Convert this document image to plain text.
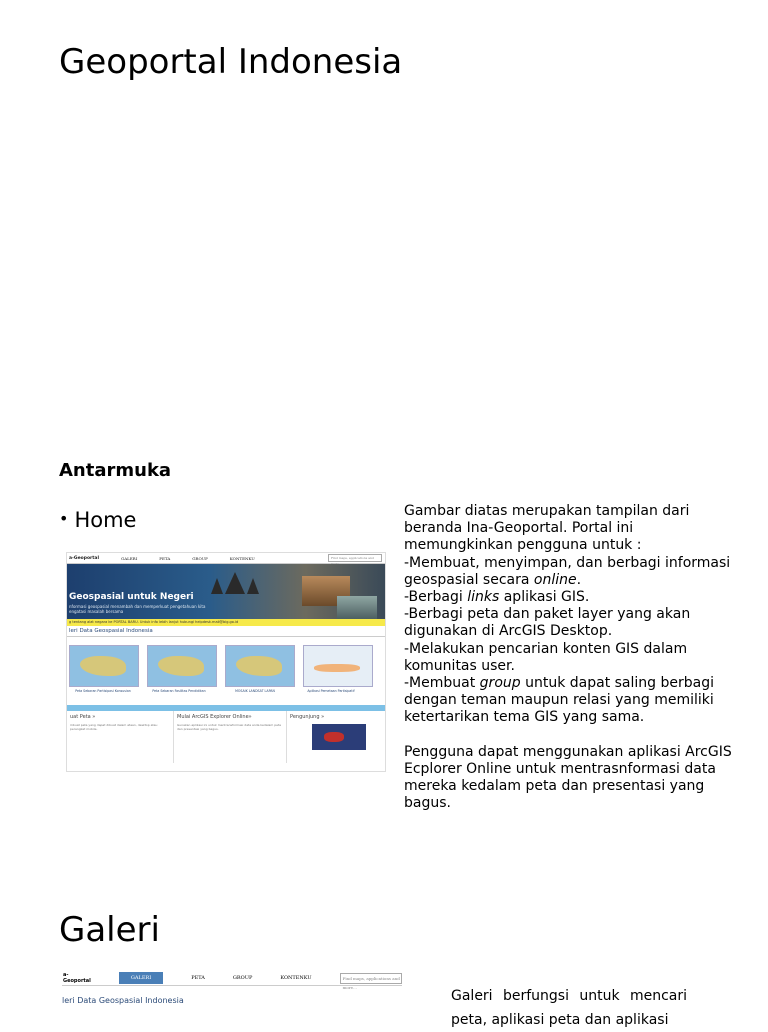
Geoportal Indonesia
Antarmuka
• Home
a-Geoportal	GALERI	PETA	GROUP	KONTENKU	Find maps, applications and
Geospasial untuk Negeri
nformasi geospasial menambah dan memperkuat pengetahuan kita
engatasi masalah bersama
g tentang alat negara ke PORTAL BARU. Untuk info lebih lanjut hubungi helpdesk.mail@big.go.id
leri Data Geospasial Indonesia
Peta Sebaran Partisipasi Konsusian	Peta Sebaran Fasilitas Pendidikan	MOSAIK LANDSAT LAPAN	Aplikasi Pemetaan Partisipatif
uat Peta »
mbuat peta yang dapat dibuat dalam ataan, desktop atau perangkat mobile.
Mulai ArcGIS Explorer Online»
Gunakan aplikasi ini untuk mentransformasi data anda kedalam peta dan presentasi yang bagus.
Pengunjung »

Gambar diatas merupakan tampilan dari beranda Ina-Geoportal. Portal ini memungkinkan pengguna untuk :

-Membuat, menyimpan, dan berbagi informasi geospasial secara online.

-Berbagi links aplikasi GIS.

-Berbagi peta dan paket layer yang akan digunakan di ArcGIS Desktop.

-Melakukan pencarian konten GIS dalam komunitas user.

-Membuat group untuk dapat saling berbagi dengan teman maupun relasi yang memiliki ketertarikan tema GIS yang sama.

Pengguna dapat menggunakan aplikasi ArcGIS Ecplorer Online untuk mentrasnformasi data mereka kedalam peta dan presentasi yang bagus.

Galeri
a-Geoportal	GALERI	PETA	GROUP	KONTENKU	Find maps, applications and more...
leri Data Geospasial Indonesia	Galeri berfungsi untuk mencari peta, aplikasi peta dan aplikasi
